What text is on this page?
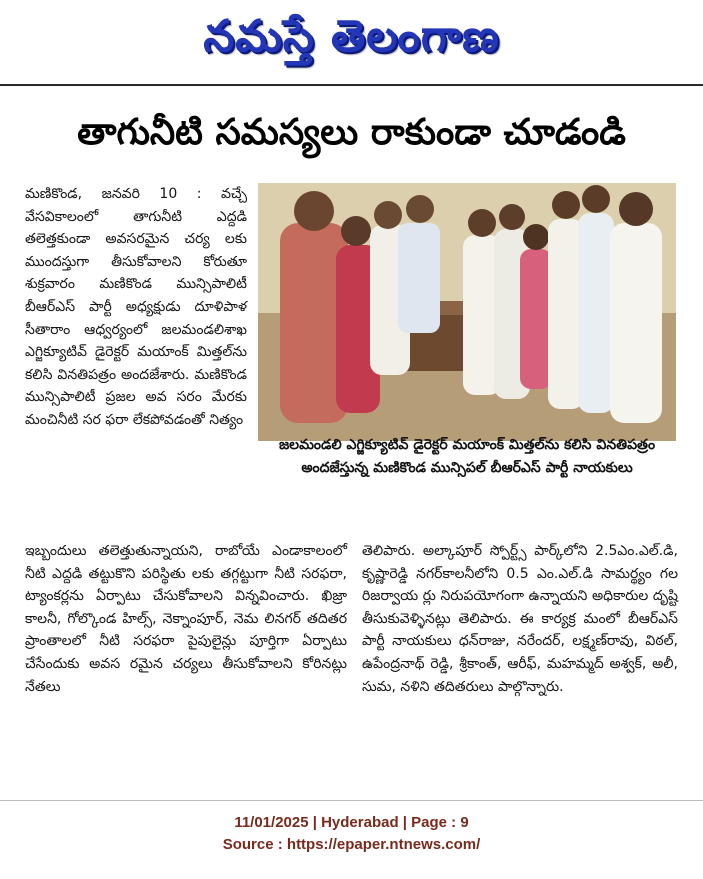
నమస్తే తెలంగాణ
తాగునీటి సమస్యలు రాకుండా చూడండి
మణికొండ, జనవరి 10 : వచ్చే వేసవికాలంలో తాగునీటి ఎద్దడి తలెత్తకుండా అవసరమైన చర్య లకు ముందస్తుగా తీసుకోవాలని కోరుతూ శుక్రవారం మణికొండ మున్సిపాలిటీ బీఆర్ఎస్ పార్టీ అధ్యక్షుడు దూళిపాళ సీతారాం ఆధ్వర్యంలో జలమండలిశాఖ ఎగ్జిక్యూటివ్ డైరెక్టర్ మయాంక్ మిత్తల్‌ను కలిసి వినతిపత్రం అందజేశారు. మణికొండ మున్సిపాలిటీ ప్రజల అవ సరం మేరకు మంచినీటి సర ఫరా లేకపోవడంతో నిత్యం
జలమండలి ఎగ్జిక్యూటివ్ డైరెక్టర్ మయాంక్ మిత్తల్‌ను కలిసి వినతిపత్రం అందజేస్తున్న మణికొండ మున్సిపల్ బీఆర్ఎస్ పార్టీ నాయకులు
ఇబ్బందులు తలెత్తుతున్నాయని, రాబోయే ఎండాకాలంలో నీటి ఎద్దడి తట్టుకొని పరిస్థితు లకు తగ్గట్టుగా నీటి సరఫరా, ట్యాంకర్లను ఏర్పాటు చేసుకోవాలని విన్నవించారు. ఖిజ్రా కాలనీ, గోల్కొండ హిల్స్, నెక్నాంపూర్, నెమ లినగర్ తదితర ప్రాంతాలలో నీటి సరఫరా పైపులైన్లు పూర్తిగా ఏర్పాటు చేసేందుకు అవస రమైన చర్యలు తీసుకోవాలని కోరినట్లు నేతలు
తెలిపారు. అల్కాపూర్ స్పోర్ట్స్ పార్క్‌లోని 2.5ఎం.ఎల్.డి, కృష్ణారెడ్డి నగర్‌కాలనీలోని 0.5 ఎం.ఎల్.డి సామర్థ్యం గల రిజర్వాయ ర్లు నిరుపయోగంగా ఉన్నాయని అధికారుల దృష్టి తీసుకువెళ్ళినట్లు తెలిపారు. ఈ కార్యక్ర మంలో బీఆర్ఎస్ పార్టీ నాయకులు ధన్‌రాజు, నరేందర్, లక్ష్మణ్‌రావు, విఠల్, ఉపేంద్రనాథ్ రెడ్డి, శ్రీకాంత్, ఆరీఫ్, మహమ్మద్ అశ్వక్, అలీ, సుమ, నళిని తదితరులు పాల్గొన్నారు.
11/01/2025 | Hyderabad | Page : 9
Source : https://epaper.ntnews.com/
